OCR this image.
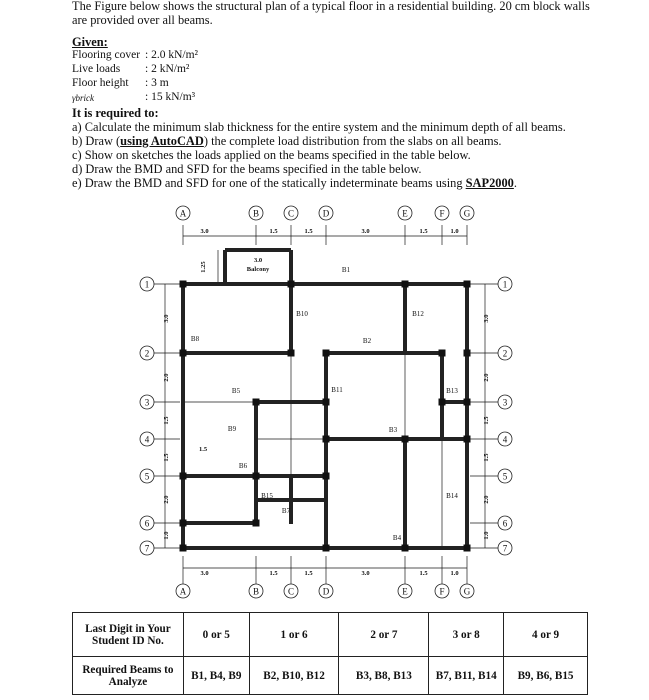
The Figure below shows the structural plan of a typical floor in a residential building. 20 cm block walls are provided over all beams.
Given:
Flooring cover : 2.0 kN/m²
Live loads : 2 kN/m²
Floor height : 3 m
γbrick	: 15 kN/m³
It is required to:
a) Calculate the minimum slab thickness for the entire system and the minimum depth of all beams.
b) Draw (using AutoCAD) the complete load distribution from the slabs on all beams.
c) Show on sketches the loads applied on the beams specified in the table below.
d) Draw the BMD and SFD for the beams specified in the table below.
e) Draw the BMD and SFD for one of the statically indeterminate beams using SAP2000.
A
A
B
B
C
C
D
D
E
E
F
F
G
G
1	1
2	2
3	3
4	4
5	5
6	6
7	7
3.0
3.0
1.5
1.5
1.5
1.5
3.0
3.0
1.5
1.5
1.0
1.0
3.0	3.0
2.0	2.0
1.5	1.5
1.5	1.5
2.0	2.0
1.0	1.0
1.25
3.0
Balcony
1.5
B1
B2
B3
B4
B5
B6
B7
B8
B9
B10
B11
B12
B13
B14
B15
Last Digit in Your Student ID No.	0 or 5	1 or 6	2 or 7	3 or 8	4 or 9
Required Beams to Analyze	B1, B4, B9	B2, B10, B12	B3, B8, B13	B7, B11, B14	B9, B6, B15
